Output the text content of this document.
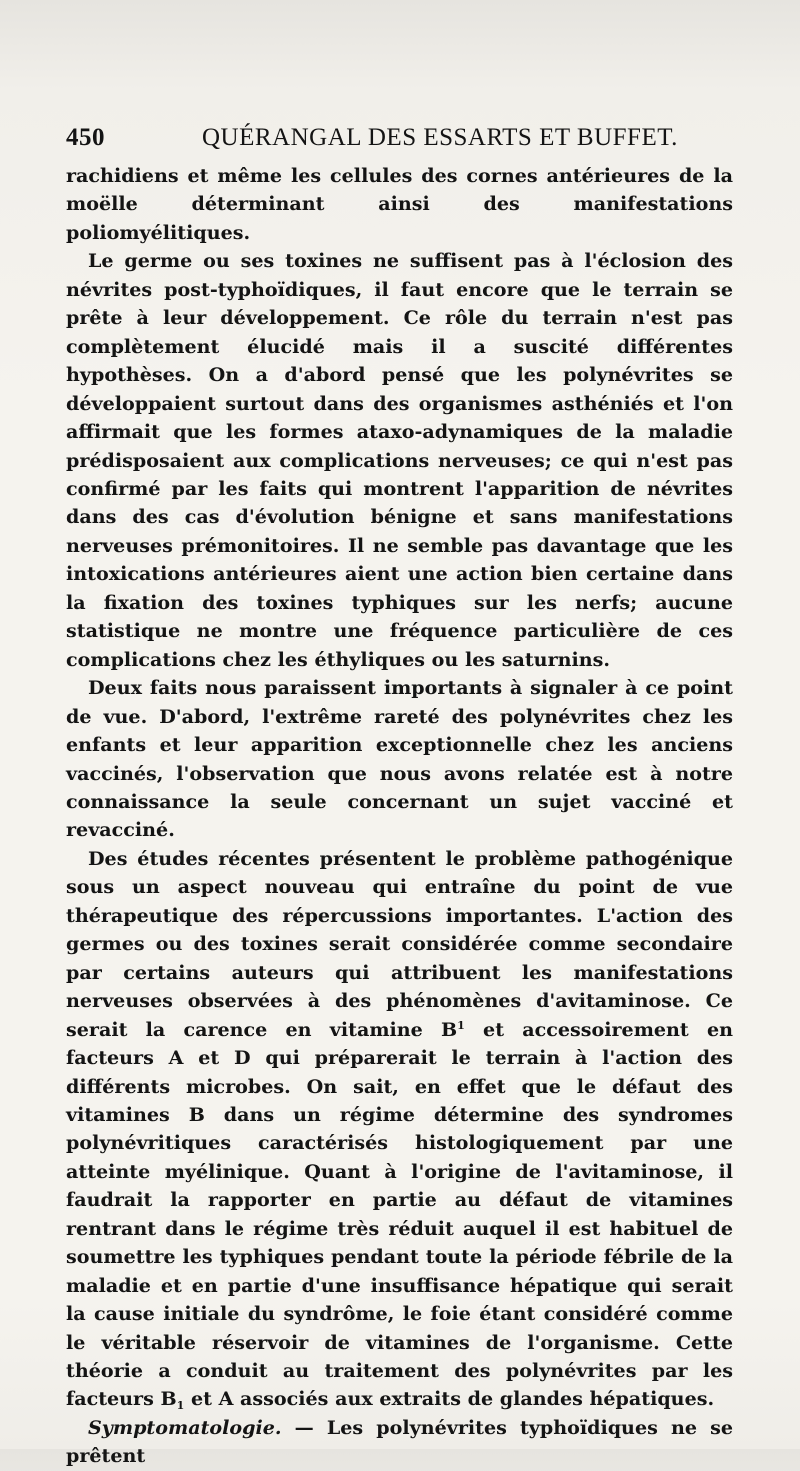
450	QUÉRANGAL DES ESSARTS ET BUFFET.

rachidiens et même les cellules des cornes antérieures de la moëlle déterminant ainsi des manifestations poliomyélitiques.

Le germe ou ses toxines ne suffisent pas à l'éclosion des névrites post-typhoïdiques, il faut encore que le terrain se prête à leur développement. Ce rôle du terrain n'est pas complètement élucidé mais il a suscité différentes hypothèses. On a d'abord pensé que les polynévrites se développaient surtout dans des organismes asthéniés et l'on affirmait que les formes ataxo-adynamiques de la maladie prédisposaient aux complications nerveuses; ce qui n'est pas confirmé par les faits qui montrent l'apparition de névrites dans des cas d'évolution bénigne et sans manifestations nerveuses prémonitoires. Il ne semble pas davantage que les intoxications antérieures aient une action bien certaine dans la fixation des toxines typhiques sur les nerfs; aucune statistique ne montre une fréquence particulière de ces complications chez les éthyliques ou les saturnins.

Deux faits nous paraissent importants à signaler à ce point de vue. D'abord, l'extrême rareté des polynévrites chez les enfants et leur apparition exceptionnelle chez les anciens vaccinés, l'observation que nous avons relatée est à notre connaissance la seule concernant un sujet vacciné et revacciné.

Des études récentes présentent le problème pathogénique sous un aspect nouveau qui entraîne du point de vue thérapeutique des répercussions importantes. L'action des germes ou des toxines serait considérée comme secondaire par certains auteurs qui attribuent les manifestations nerveuses observées à des phénomènes d'avitaminose. Ce serait la carence en vitamine $B^1$ et accessoirement en facteurs A et D qui préparerait le terrain à l'action des différents microbes. On sait, en effet que le défaut des vitamines B dans un régime détermine des syndromes polynévritiques caractérisés histologiquement par une atteinte myélinique. Quant à l'origine de l'avitaminose, il faudrait la rapporter en partie au défaut de vitamines rentrant dans le régime très réduit auquel il est habituel de soumettre les typhiques pendant toute la période fébrile de la maladie et en partie d'une insuffisance hépatique qui serait la cause initiale du syndrôme, le foie étant considéré comme le véritable réservoir de vitamines de l'organisme. Cette théorie a conduit au traitement des polynévrites par les facteurs $B_1$ et A associés aux extraits de glandes hépatiques.

Symptomatologie. — Les polynévrites typhoïdiques ne se prêtent
